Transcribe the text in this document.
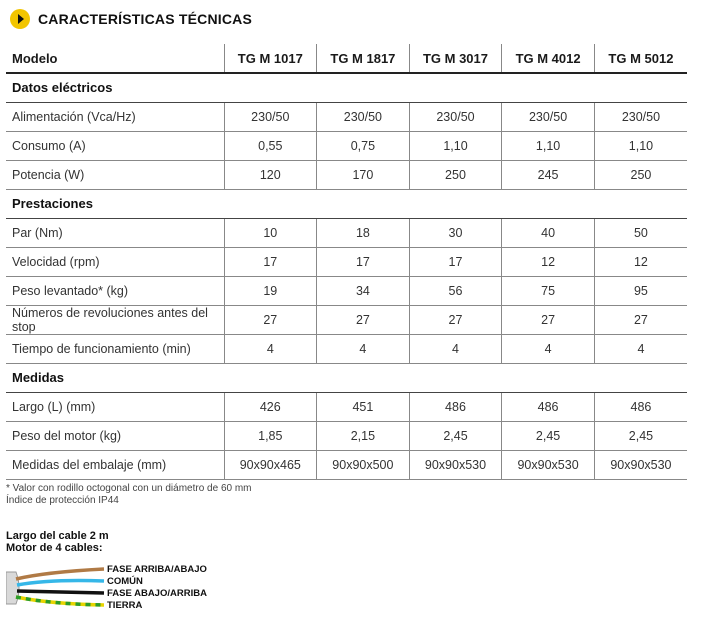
CARACTERÍSTICAS TÉCNICAS
Modelo	TG M 1017	TG M 1817	TG M 3017	TG M 4012	TG M 5012
Datos eléctricos					
Alimentación (Vca/Hz)	230/50	230/50	230/50	230/50	230/50
Consumo (A)	0,55	0,75	1,10	1,10	1,10
Potencia (W)	120	170	250	245	250
Prestaciones					
Par (Nm)	10	18	30	40	50
Velocidad (rpm)	17	17	17	12	12
Peso levantado* (kg)	19	34	56	75	95
Números de revoluciones antes del stop	27	27	27	27	27
Tiempo de funcionamiento (min)	4	4	4	4	4
Medidas					
Largo (L) (mm)	426	451	486	486	486
Peso del motor (kg)	1,85	2,15	2,45	2,45	2,45
Medidas del embalaje (mm)	90x90x465	90x90x500	90x90x530	90x90x530	90x90x530
* Valor con rodillo octogonal con un diámetro de 60 mm
Índice de protección IP44
Largo del cable 2 m
Motor de 4 cables:
FASE ARRIBA/ABAJO
COMÚN
FASE ABAJO/ARRIBA
TIERRA
